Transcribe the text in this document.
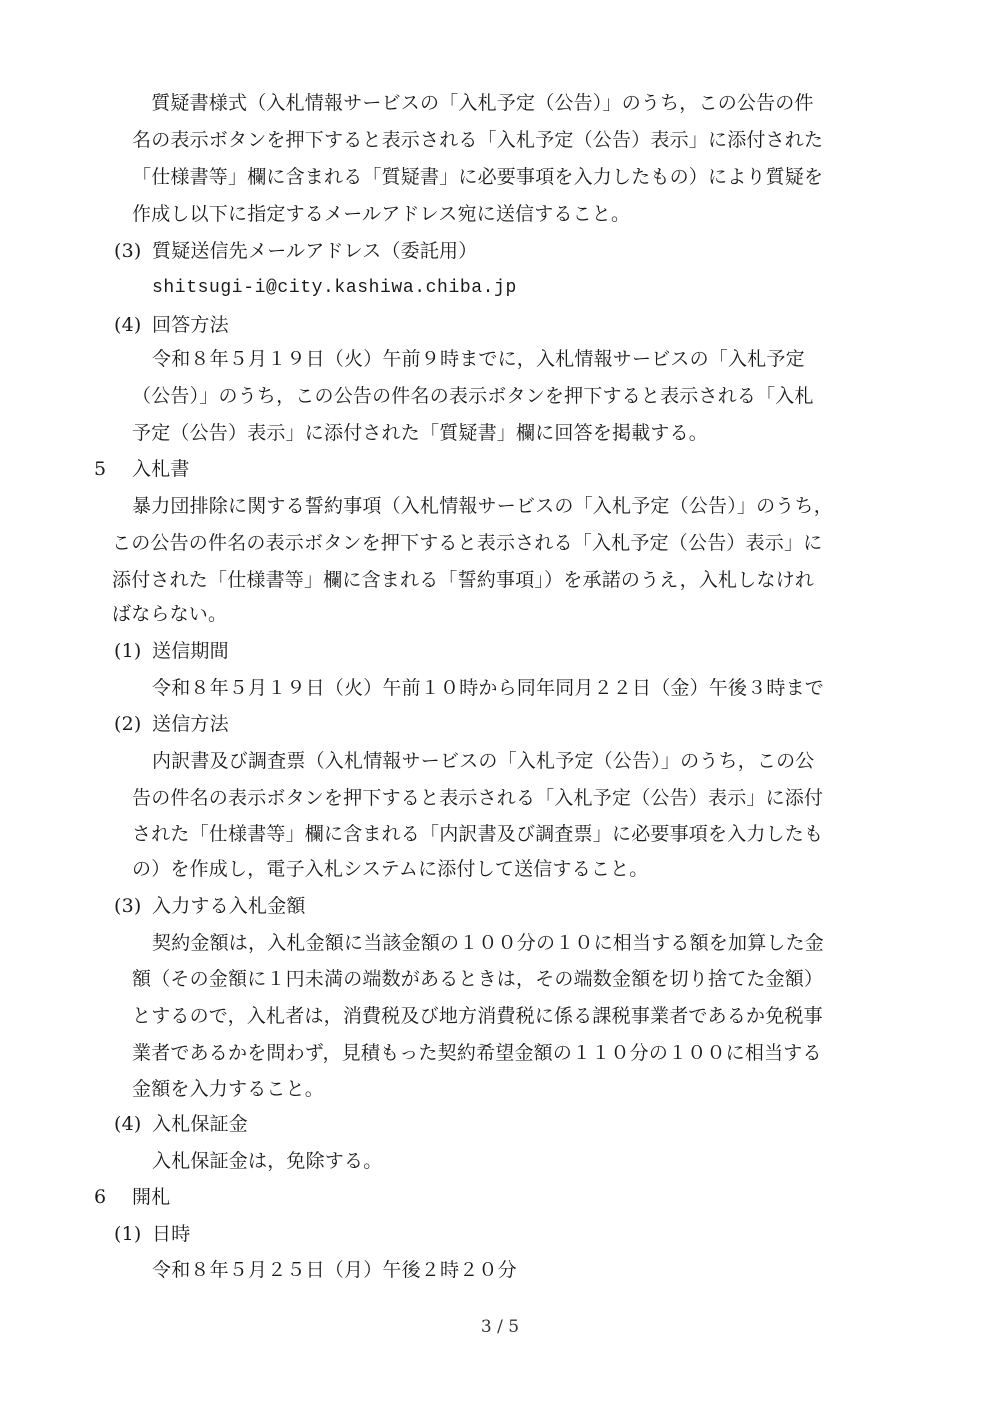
　質疑書様式（入札情報サービスの「入札予定（公告）」のうち，この公告の件
名の表示ボタンを押下すると表示される「入札予定（公告）表示」に添付された
「仕様書等」欄に含まれる「質疑書」に必要事項を入力したもの）により質疑を
作成し以下に指定するメールアドレス宛に送信すること。
(3) 質疑送信先メールアドレス（委託用）
shitsugi-i@city.kashiwa.chiba.jp
(4) 回答方法
令和８年５月１９日（火）午前９時までに，入札情報サービスの「入札予定
（公告）」のうち，この公告の件名の表示ボタンを押下すると表示される「入札
予定（公告）表示」に添付された「質疑書」欄に回答を掲載する。
5 入札書
暴力団排除に関する誓約事項（入札情報サービスの「入札予定（公告）」のうち，
この公告の件名の表示ボタンを押下すると表示される「入札予定（公告）表示」に
添付された「仕様書等」欄に含まれる「誓約事項」）を承諾のうえ，入札しなけれ
ばならない。
(1) 送信期間
令和８年５月１９日（火）午前１０時から同年同月２２日（金）午後３時まで
(2) 送信方法
内訳書及び調査票（入札情報サービスの「入札予定（公告）」のうち，この公
告の件名の表示ボタンを押下すると表示される「入札予定（公告）表示」に添付
された「仕様書等」欄に含まれる「内訳書及び調査票」に必要事項を入力したも
の）を作成し，電子入札システムに添付して送信すること。
(3) 入力する入札金額
契約金額は，入札金額に当該金額の１００分の１０に相当する額を加算した金
額（その金額に１円未満の端数があるときは，その端数金額を切り捨てた金額）
とするので，入札者は，消費税及び地方消費税に係る課税事業者であるか免税事
業者であるかを問わず，見積もった契約希望金額の１１０分の１００に相当する
金額を入力すること。
(4) 入札保証金
入札保証金は，免除する。
6 開札
(1) 日時
令和８年５月２５日（月）午後２時２０分
3 / 5
